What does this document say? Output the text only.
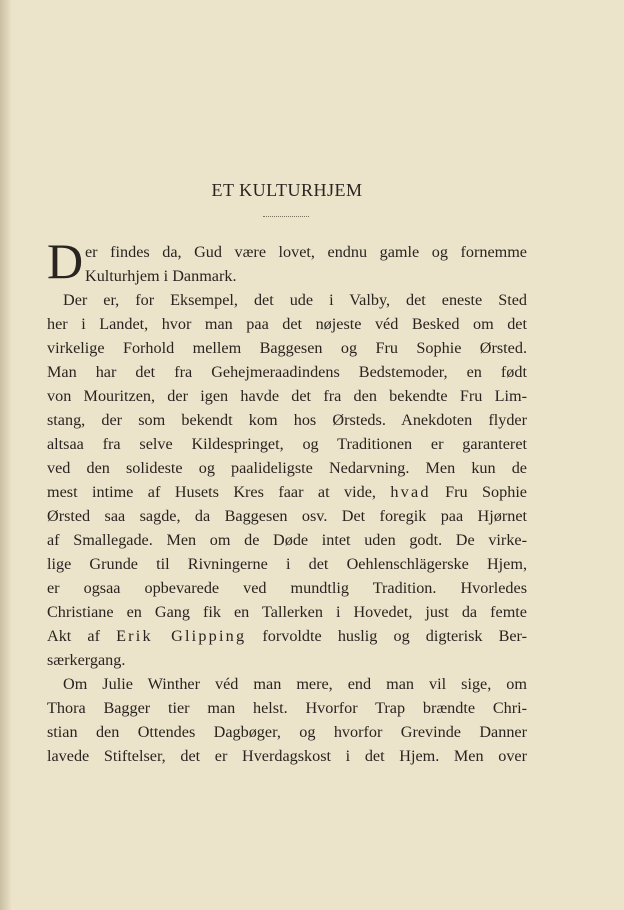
ET KULTURHJEM
D er findes da, Gud være lovet, endnu gamle og fornemme
Kulturhjem i Danmark.
Der er, for Eksempel, det ude i Valby, det eneste Sted
her i Landet, hvor man paa det nøjeste véd Besked om det
virkelige Forhold mellem Baggesen og Fru Sophie Ørsted.
Man har det fra Gehejmeraadindens Bedstemoder, en født
von Mouritzen, der igen havde det fra den bekendte Fru Lim-
stang, der som bekendt kom hos Ørsteds. Anekdoten flyder
altsaa fra selve Kildespringet, og Traditionen er garanteret
ved den solideste og paalideligste Nedarvning. Men kun de
mest intime af Husets Kres faar at vide, hvad Fru Sophie
Ørsted saa sagde, da Baggesen osv. Det foregik paa Hjørnet
af Smallegade. Men om de Døde intet uden godt. De virke-
lige Grunde til Rivningerne i det Oehlenschlägerske Hjem,
er ogsaa opbevarede ved mundtlig Tradition. Hvorledes
Christiane en Gang fik en Tallerken i Hovedet, just da femte
Akt af Erik Glipping forvoldte huslig og digterisk Ber-
særkergang.
Om Julie Winther véd man mere, end man vil sige, om
Thora Bagger tier man helst. Hvorfor Trap brændte Chri-
stian den Ottendes Dagbøger, og hvorfor Grevinde Danner
lavede Stiftelser, det er Hverdagskost i det Hjem. Men over
